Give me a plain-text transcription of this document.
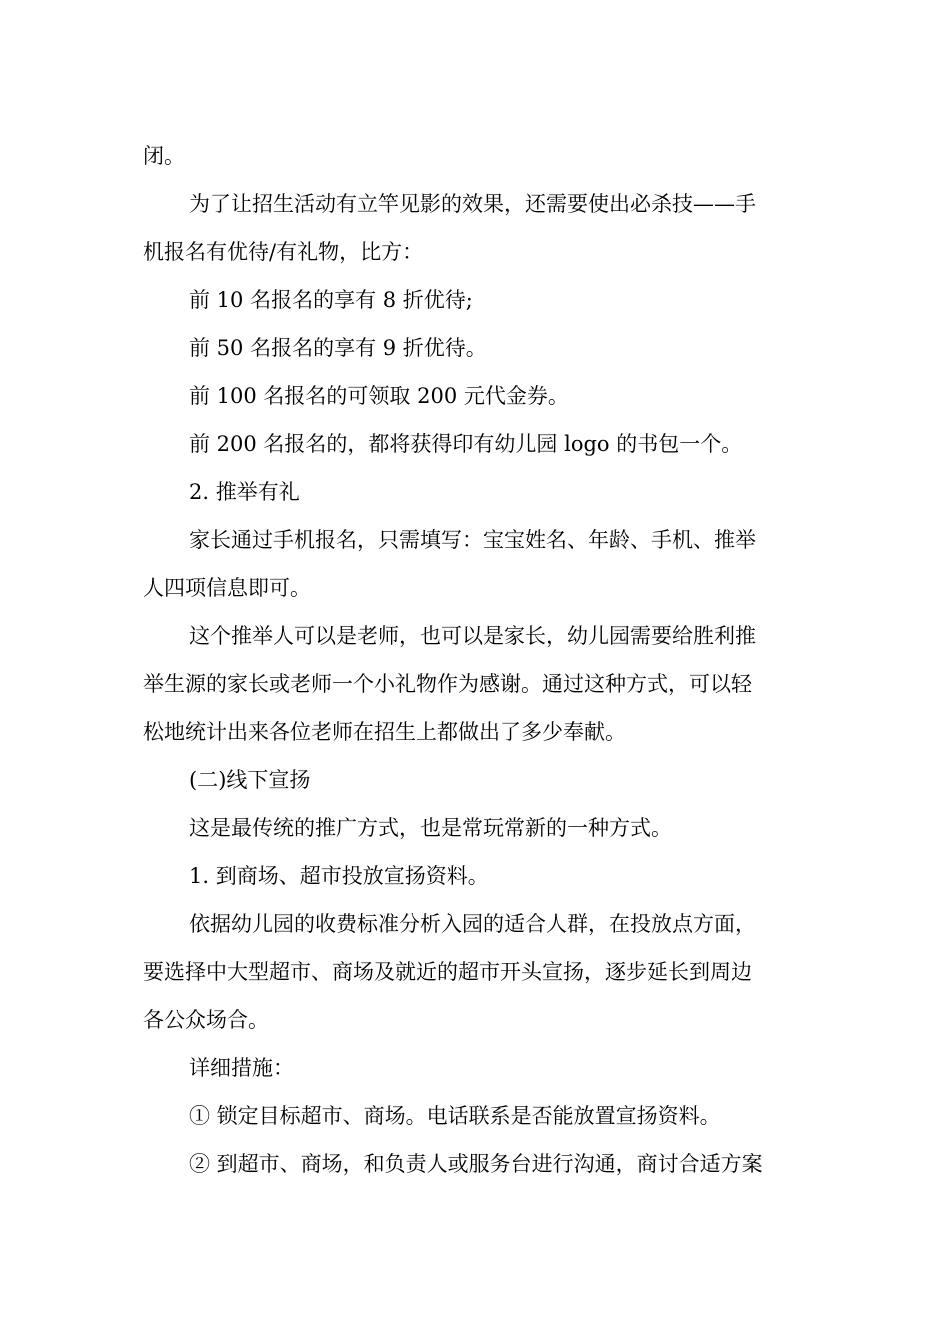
闭。

为了让招生活动有立竿见影的效果，还需要使出必杀技——手

机报名有优待/有礼物，比方：

前 10 名报名的享有 8 折优待;

前 50 名报名的享有 9 折优待。

前 100 名报名的可领取 200 元代金券。

前 200 名报名的，都将获得印有幼儿园 logo 的书包一个。

2. 推举有礼

家长通过手机报名，只需填写：宝宝姓名、年龄、手机、推举

人四项信息即可。

这个推举人可以是老师，也可以是家长，幼儿园需要给胜利推

举生源的家长或老师一个小礼物作为感谢。通过这种方式，可以轻

松地统计出来各位老师在招生上都做出了多少奉献。

(二)线下宣扬

这是最传统的推广方式，也是常玩常新的一种方式。

1. 到商场、超市投放宣扬资料。

依据幼儿园的收费标准分析入园的适合人群，在投放点方面，

要选择中大型超市、商场及就近的超市开头宣扬，逐步延长到周边

各公众场合。

详细措施：

① 锁定目标超市、商场。电话联系是否能放置宣扬资料。

② 到超市、商场，和负责人或服务台进行沟通，商讨合适方案
